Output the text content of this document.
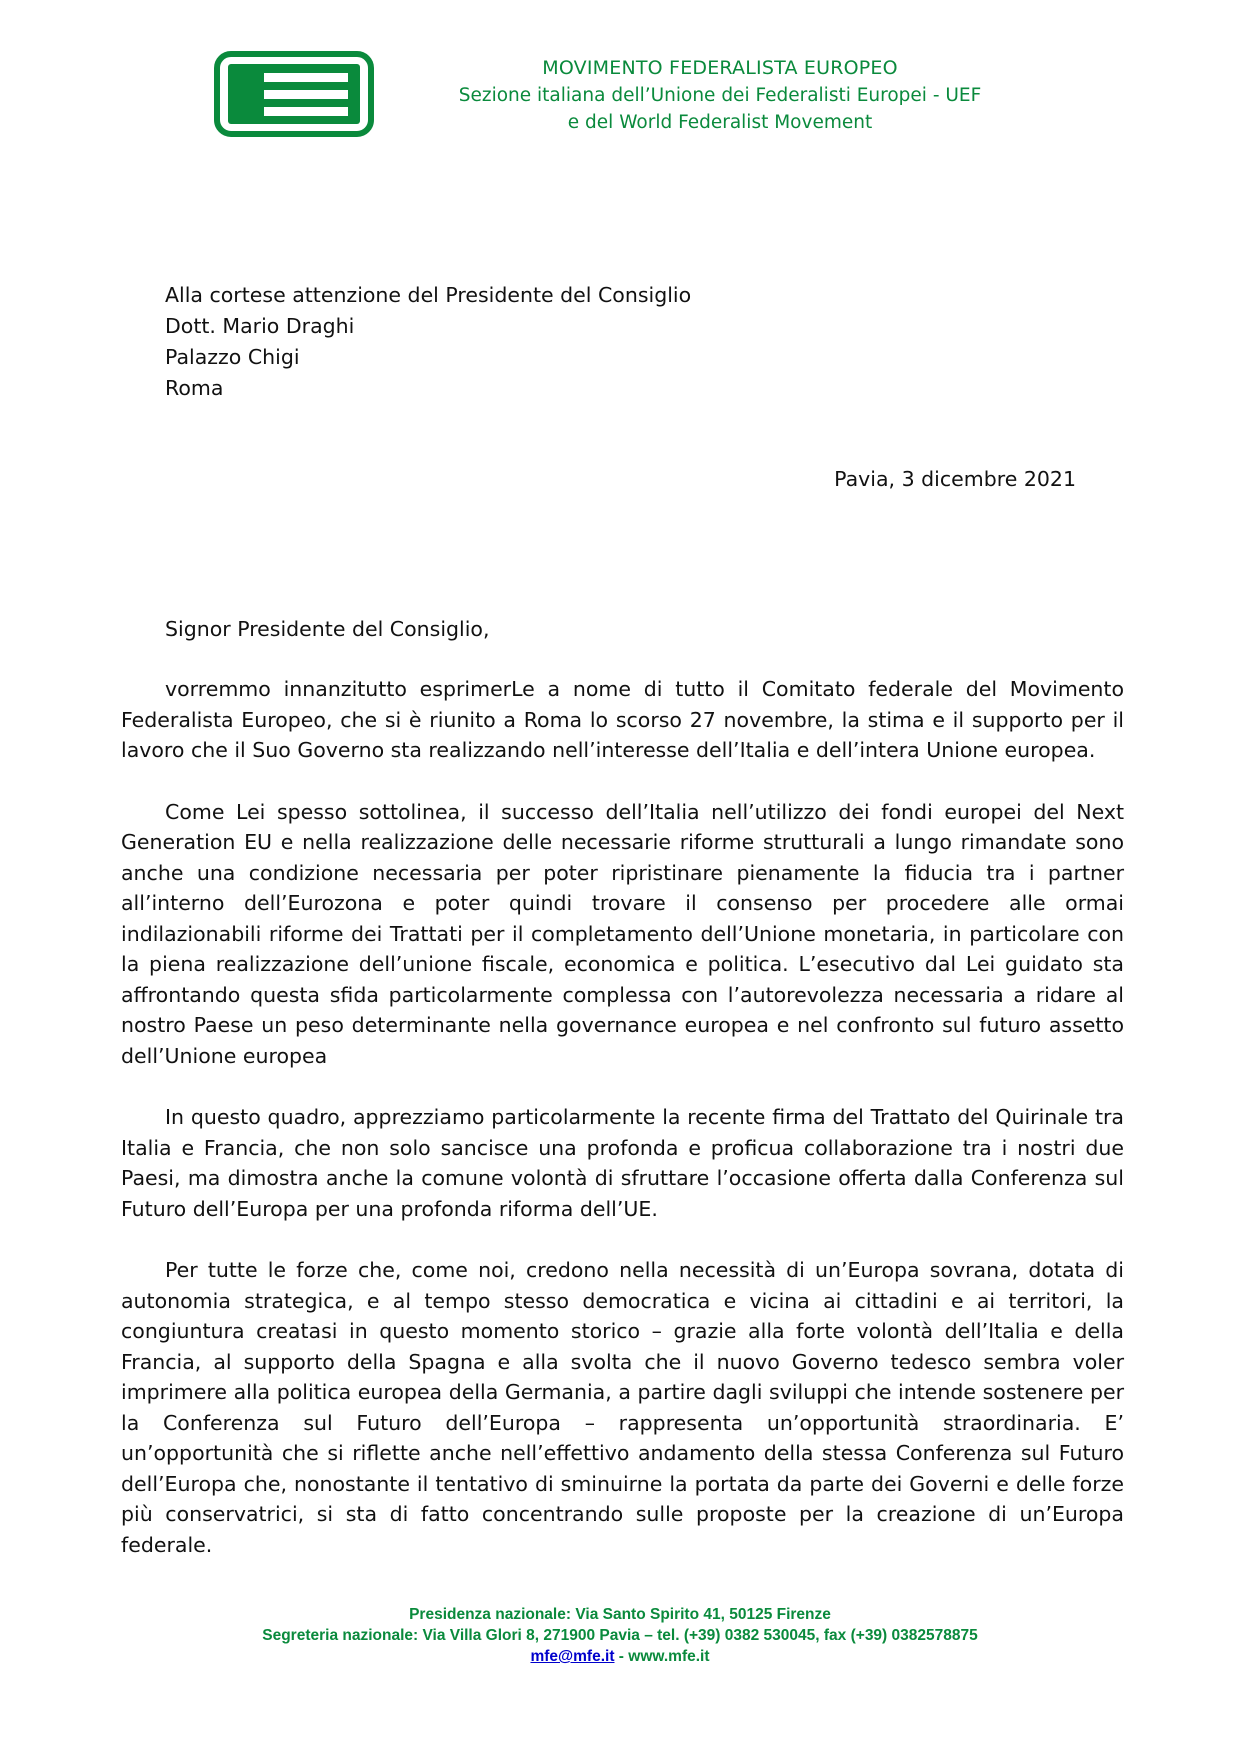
MOVIMENTO FEDERALISTA EUROPEO
Sezione italiana dell’Unione dei Federalisti Europei - UEF
e del World Federalist Movement
Alla cortese attenzione del Presidente del Consiglio
Dott. Mario Draghi
Palazzo Chigi
Roma
Pavia, 3 dicembre 2021
Signor Presidente del Consiglio,

vorremmo innanzitutto esprimerLe a nome di tutto il Comitato federale del Movimento Federalista Europeo, che si è riunito a Roma lo scorso 27 novembre, la stima e il supporto per il lavoro che il Suo Governo sta realizzando nell’interesse dell’Italia e dell’intera Unione europea.

Come Lei spesso sottolinea, il successo dell’Italia nell’utilizzo dei fondi europei del Next Generation EU e nella realizzazione delle necessarie riforme strutturali a lungo rimandate sono anche una condizione necessaria per poter ripristinare pienamente la fiducia tra i partner all’interno dell’Eurozona e poter quindi trovare il consenso per procedere alle ormai indilazionabili riforme dei Trattati per il completamento dell’Unione monetaria, in particolare con la piena realizzazione dell’unione fiscale, economica e politica. L’esecutivo dal Lei guidato sta affrontando questa sfida particolarmente complessa con l’autorevolezza necessaria a ridare al nostro Paese un peso determinante nella governance europea e nel confronto sul futuro assetto dell’Unione europea

In questo quadro, apprezziamo particolarmente la recente firma del Trattato del Quirinale tra Italia e Francia, che non solo sancisce una profonda e proficua collaborazione tra i nostri due Paesi, ma dimostra anche la comune volontà di sfruttare l’occasione offerta dalla Conferenza sul Futuro dell’Europa per una profonda riforma dell’UE.

Per tutte le forze che, come noi, credono nella necessità di un’Europa sovrana, dotata di autonomia strategica, e al tempo stesso democratica e vicina ai cittadini e ai territori, la congiuntura creatasi in questo momento storico – grazie alla forte volontà dell’Italia e della Francia, al supporto della Spagna e alla svolta che il nuovo Governo tedesco sembra voler imprimere alla politica europea della Germania, a partire dagli sviluppi che intende sostenere per la Conferenza sul Futuro dell’Europa – rappresenta un’opportunità straordinaria. E’ un’opportunità che si riflette anche nell’effettivo andamento della stessa Conferenza sul Futuro dell’Europa che, nonostante il tentativo di sminuirne la portata da parte dei Governi e delle forze più conservatrici, si sta di fatto concentrando sulle proposte per la creazione di un’Europa federale.

Presidenza nazionale: Via Santo Spirito 41, 50125 Firenze
Segreteria nazionale: Via Villa Glori 8, 271900 Pavia – tel. (+39) 0382 530045, fax (+39) 0382578875
mfe@mfe.it - www.mfe.it
